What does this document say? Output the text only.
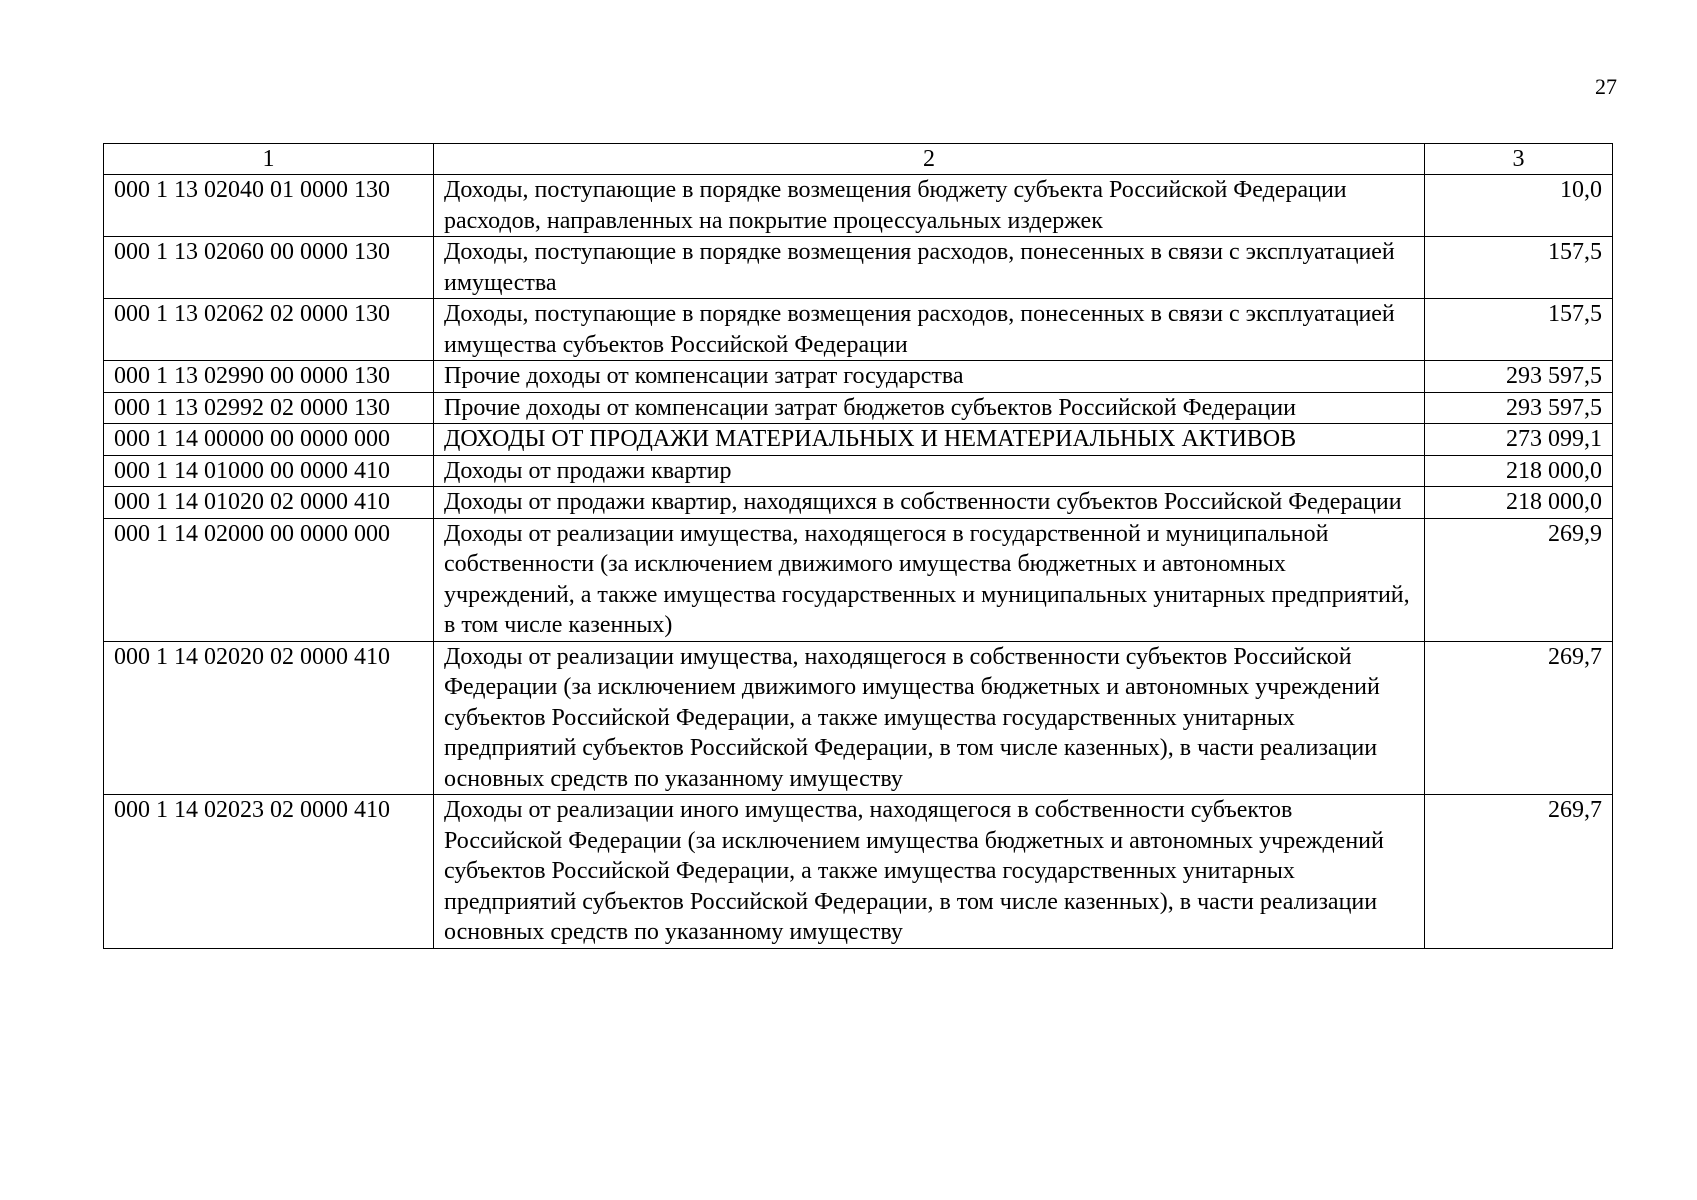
27
1	2	3
000 1 13 02040 01 0000 130	Доходы, поступающие в порядке возмещения бюджету субъекта Российской Федерации расходов, направленных на покрытие процессуальных издержек	10,0
000 1 13 02060 00 0000 130	Доходы, поступающие в порядке возмещения расходов, понесенных в связи с эксплуатацией имущества	157,5
000 1 13 02062 02 0000 130	Доходы, поступающие в порядке возмещения расходов, понесенных в связи с эксплуатацией имущества субъектов Российской Федерации	157,5
000 1 13 02990 00 0000 130	Прочие доходы от компенсации затрат государства	293 597,5
000 1 13 02992 02 0000 130	Прочие доходы от компенсации затрат бюджетов субъектов Российской Федерации	293 597,5
000 1 14 00000 00 0000 000	ДОХОДЫ ОТ ПРОДАЖИ МАТЕРИАЛЬНЫХ И НЕМАТЕРИАЛЬНЫХ АКТИВОВ	273 099,1
000 1 14 01000 00 0000 410	Доходы от продажи квартир	218 000,0
000 1 14 01020 02 0000 410	Доходы от продажи квартир, находящихся в собственности субъектов Российской Федерации	218 000,0
000 1 14 02000 00 0000 000	Доходы от реализации имущества, находящегося в государственной и муниципальной собственности (за исключением движимого имущества бюджетных и автономных учреждений, а также имущества государственных и муниципальных унитарных предприятий, в том числе казенных)	269,9
000 1 14 02020 02 0000 410	Доходы от реализации имущества, находящегося в собственности субъектов Российской Федерации (за исключением движимого имущества бюджетных и автономных учреждений субъектов Российской Федерации, а также имущества государственных унитарных предприятий субъектов Российской Федерации, в том числе казенных), в части реализации основных средств по указанному имуществу	269,7
000 1 14 02023 02 0000 410	Доходы от реализации иного имущества, находящегося в собственности субъектов Российской Федерации (за исключением имущества бюджетных и автономных учреждений субъектов Российской Федерации, а также имущества государственных унитарных предприятий субъектов Российской Федерации, в том числе казенных), в части реализации основных средств по указанному имуществу	269,7
